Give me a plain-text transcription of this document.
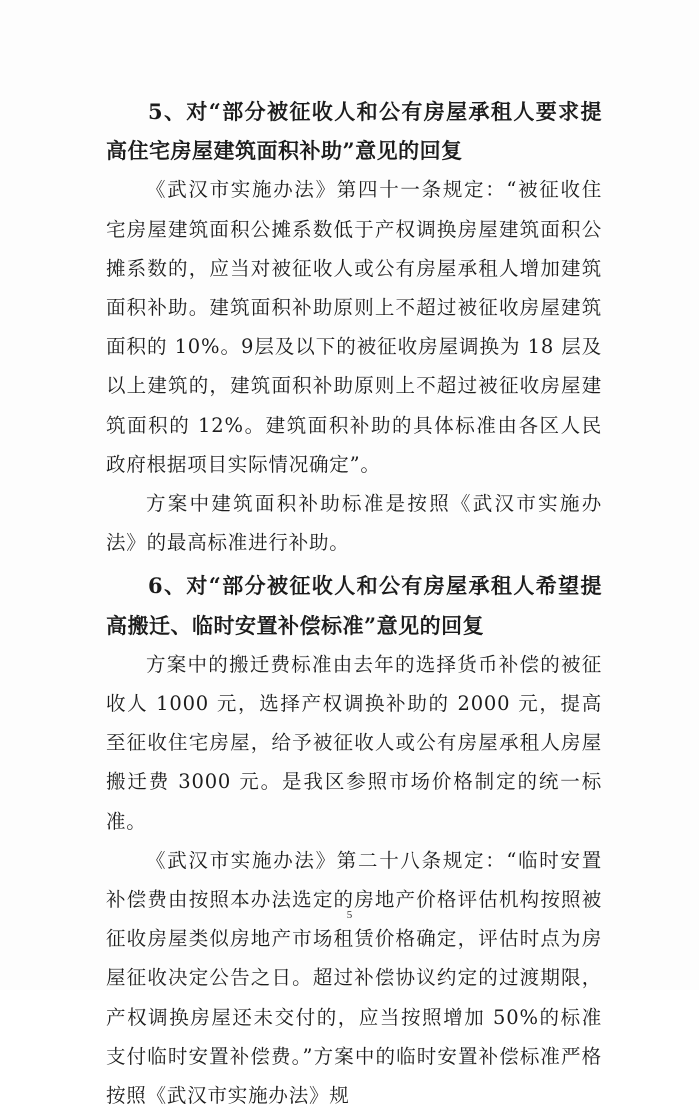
5、对“部分被征收人和公有房屋承租人要求提高住宅房屋建筑面积补助”意见的回复

《武汉市实施办法》第四十一条规定：“被征收住宅房屋建筑面积公摊系数低于产权调换房屋建筑面积公摊系数的，应当对被征收人或公有房屋承租人增加建筑面积补助。建筑面积补助原则上不超过被征收房屋建筑面积的 10%。9层及以下的被征收房屋调换为 18 层及以上建筑的，建筑面积补助原则上不超过被征收房屋建筑面积的 12%。建筑面积补助的具体标准由各区人民政府根据项目实际情况确定”。

方案中建筑面积补助标准是按照《武汉市实施办法》的最高标准进行补助。

6、对“部分被征收人和公有房屋承租人希望提高搬迁、临时安置补偿标准”意见的回复

方案中的搬迁费标准由去年的选择货币补偿的被征收人 1000 元，选择产权调换补助的 2000 元，提高至征收住宅房屋，给予被征收人或公有房屋承租人房屋搬迁费 3000 元。是我区参照市场价格制定的统一标准。

《武汉市实施办法》第二十八条规定：“临时安置补偿费由按照本办法选定的房地产价格评估机构按照被征收房屋类似房地产市场租赁价格确定，评估时点为房屋征收决定公告之日。超过补偿协议约定的过渡期限，产权调换房屋还未交付的，应当按照增加 50%的标准支付临时安置补偿费。”方案中的临时安置补偿标准严格按照《武汉市实施办法》规

5
